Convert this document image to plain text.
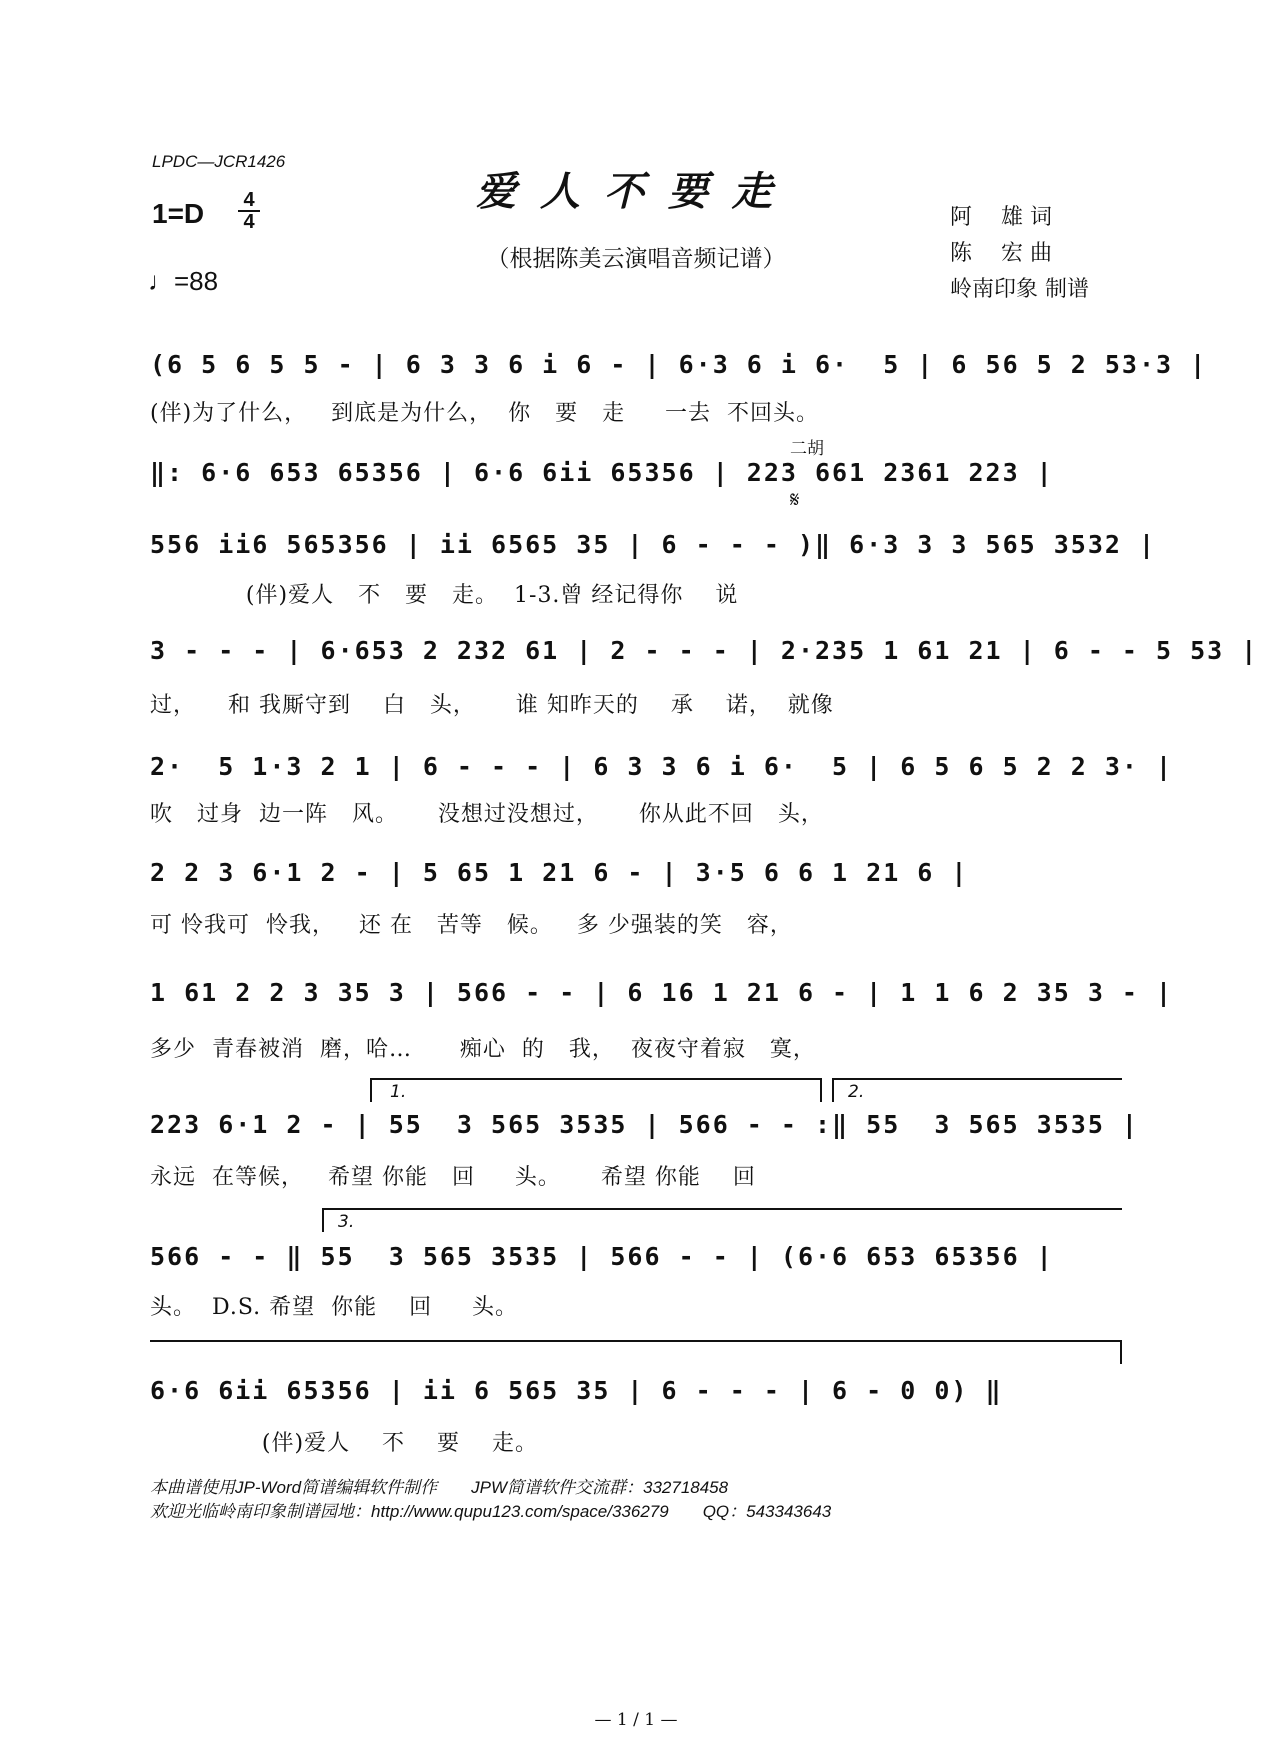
LPDC—JCR1426
爱人不要走
（根据陈美云演唱音频记谱）
1=D 4
4
♩=88
阿　 雄 词
陈　 宏 曲
岭南印象 制谱
(6 5 6 5 5 - | 6 3 3 6 i 6 - | 6·3 6 i 6·  5 | 6 56 5 2 53·3 |
(伴)为了什么，   到底是为什么，  你   要   走     一去  不回头。
二胡
‖: 6·6 653 65356 | 6·6 6ii 65356 | 223 661 2361 223 |
𝄋
556 ii6 565356 | ii 6565 35 | 6 - - - )‖ 6·3 3 3 565 3532 |
(伴)爱人   不   要   走。  1-3.曾 经记得你    说
3 - - - | 6·653 2 232 61 | 2 - - - | 2·235 1 61 21 | 6 - - 5 53 |
过，    和 我厮守到    白   头，     谁 知昨天的    承    诺，  就像
2·  5 1·3 2 1 | 6 - - - | 6 3 3 6 i 6·  5 | 6 5 6 5 2 2 3· |
吹   过身  边一阵   风。     没想过没想过，     你从此不回   头，
2 2 3 6·1 2 - | 5 65 1 21 6 - | 3·5 6 6 1 21 6 |
可 怜我可  怜我，   还 在   苦等   候。   多 少强装的笑   容，
1 61 2 2 3 35 3 | 566 - - | 6 16 1 21 6 - | 1 1 6 2 35 3 - |
多少  青春被消  磨，哈…      痴心  的   我，  夜夜守着寂   寞，
1.	2.
223 6·1 2 - | 55  3 565 3535 | 566 - - :‖ 55  3 565 3535 |
永远  在等候，   希望 你能   回     头。     希望 你能    回
3.
566 - - ‖ 55  3 565 3535 | 566 - - | (6·6 653 65356 |
头。  D.S. 希望  你能    回     头。
6·6 6ii 65356 | ii 6 565 35 | 6 - - - | 6 - 0 0) ‖
(伴)爱人    不    要    走。
本曲谱使用JP-Word简谱编辑软件制作　　JPW简谱软件交流群：332718458
欢迎光临岭南印象制谱园地：http://www.qupu123.com/space/336279　　QQ：543343643
— 1 / 1 —
